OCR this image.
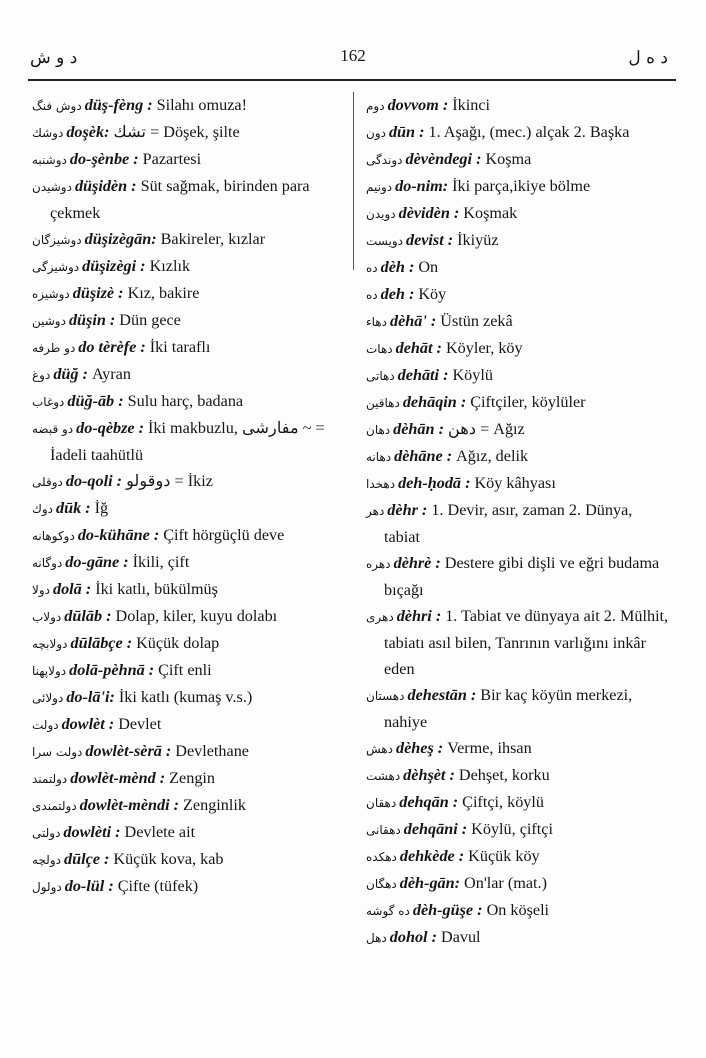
د و ش	162	د ه ل

دوش فنگ düş-fèng : Silahı omuza!

دوشك doşèk: تشك = Döşek, şilte

دوشنبه do-şènbe : Pazartesi

دوشيدن düşidèn : Süt sağmak, birinden para çekmek

دوشيزگان düşizègān: Bakireler, kızlar

دوشيزگى düşizègi : Kızlık

دوشيزه düşizè : Kız, bakire

دوشين düşin : Dün gece

دو طرفه do tèrèfe : İki taraflı

دوغ düğ : Ayran

دوغاب düğ-āb : Sulu harç, badana

دو قبضه do-qèbze : İki makbuzlu, مفارشى ~ = İadeli taahütlü

دوقلى do-qoli : دوقولو = İkiz

دوك dūk : İğ

دوكوهانه do-kühāne : Çift hörgüçlü deve

دوگانه do-gāne : İkili, çift

دولا dolā : İki katlı, bükülmüş

دولاب dūlāb : Dolap, kiler, kuyu dolabı

دولابچه dūlābçe : Küçük dolap

دولاپهنا dolā-pèhnā : Çift enli

دولائى do-lā'i: İki katlı (kumaş v.s.)

دولت dowlèt : Devlet

دولت سرا dowlèt-sèrā : Devlethane

دولتمند dowlèt-mènd : Zengin

دولتمندى dowlèt-mèndi : Zenginlik

دولتى dowlèti : Devlete ait

دولچه dūlçe : Küçük kova, kab

دولول do-lül : Çifte (tüfek)

دوم dovvom : İkinci

دون dūn : 1. Aşağı, (mec.) alçak 2. Başka

دوندگى dèvèndegi : Koşma

دونيم do-nim: İki parça,ikiye bölme

دويدن dèvidèn : Koşmak

دويست devist : İkiyüz

ده dèh : On

ده deh : Köy

دهاء dèhā' : Üstün zekâ

دهات dehāt : Köyler, köy

دهاتى dehāti : Köylü

دهاقين dehāqin : Çiftçiler, köylüler

دهان dèhān : دهن = Ağız

دهانه dèhāne : Ağız, delik

دهخدا deh-ḥodā : Köy kâhyası

دهر dèhr : 1. Devir, asır, zaman 2. Dünya, tabiat

دهره dèhrè : Destere gibi dişli ve eğri budama bıçağı

دهرى dèhri : 1. Tabiat ve dünyaya ait 2. Mülhit, tabiatı asıl bilen, Tanrının varlığını inkâr eden

دهستان dehestān : Bir kaç köyün merkezi, nahiye

دهش dèheş : Verme, ihsan

دهشت dèhşèt : Dehşet, korku

دهقان dehqān : Çiftçi, köylü

دهقانى dehqāni : Köylü, çiftçi

دهكده dehkède : Küçük köy

دهگان dèh-gān: On'lar (mat.)

ده گوشه dèh-güşe : On köşeli

دهل dohol : Davul
